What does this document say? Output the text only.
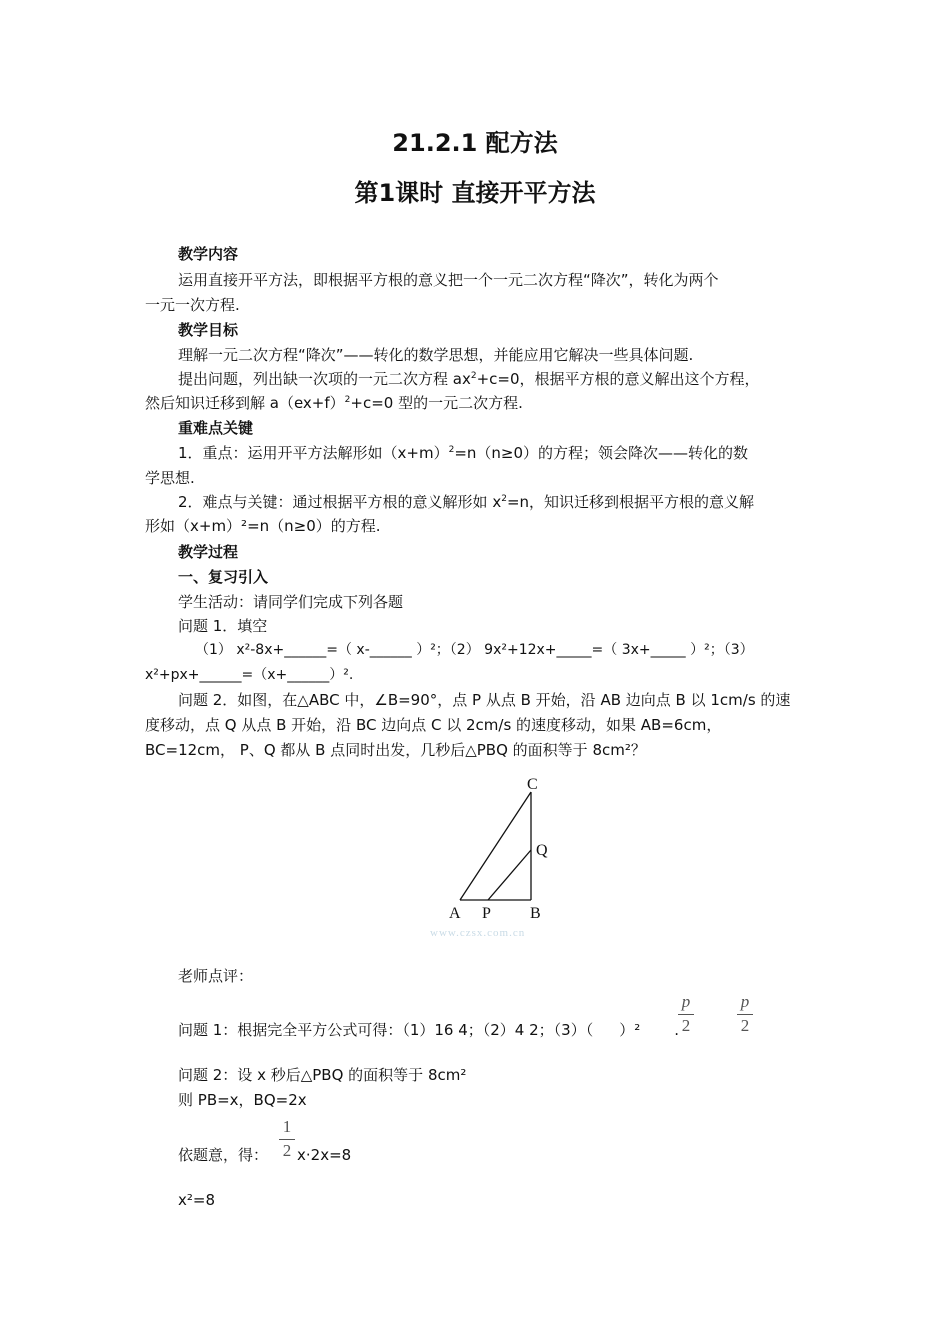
21.2.1 配方法
第1课时 直接开平方法
教学内容
运用直接开平方法，即根据平方根的意义把一个一元二次方程“降次”，转化为两个
一元一次方程.
教学目标
理解一元二次方程“降次”——转化的数学思想，并能应用它解决一些具体问题.
提出问题，列出缺一次项的一元二次方程 $ax^2+c=0$，根据平方根的意义解出这个方程，
然后知识迁移到解 $a(ex+f)^2+c=0$ 型的一元二次方程.
重难点关键
1．重点：运用开平方法解形如$(x+m)^2=n(n\ge 0)$的方程；领会降次——转化的数
学思想.
2．难点与关键：通过根据平方根的意义解形如 $x^2=n$，知识迁移到根据平方根的意义解
形如（x+m）²=n（n≥0）的方程.
教学过程
一、复习引入
学生活动：请同学们完成下列各题
问题 1．填空
（1） x²-8x+______=（ x-______ ）²；（2） 9x²+12x+_____=（ 3x+_____ ）²；（3）
x²+px+______=（x+______）².
问题 2．如图，在△ABC 中，∠B=90°，点 P 从点 B 开始，沿 AB 边向点 B 以 1cm/s 的速
度移动，点 Q 从点 B 开始，沿 BC 边向点 C 以 2cm/s 的速度移动，如果 AB=6cm，
BC=12cm， P、Q 都从 B 点同时出发，几秒后△PBQ 的面积等于 8cm²？
A P B
C
Q
www.czsx.com.cn
老师点评：
问题 1：根据完全平方公式可得：（1）16 4；（2）4 2；（3）（ ）² .
p
2
p
2
问题 2：设 x 秒后△PBQ 的面积等于 8cm²
则 PB=x，BQ=2x
依题意，得：
1
2 x·2x=8
x²=8
